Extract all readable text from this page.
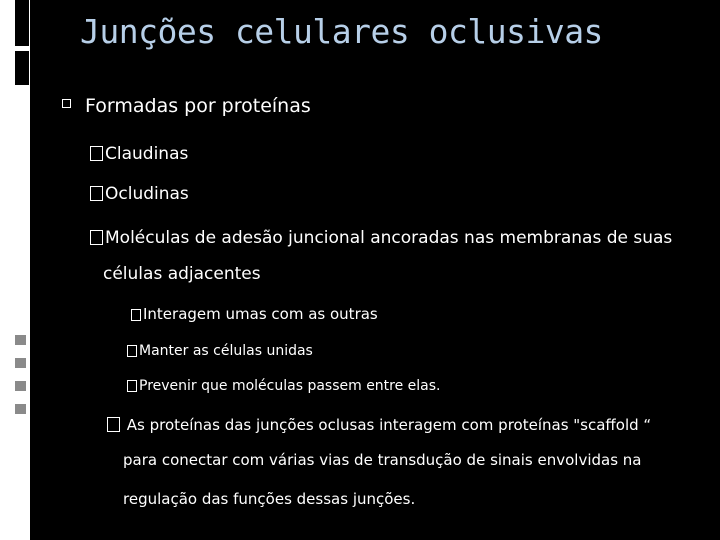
Junções celulares oclusivas
Formadas por proteínas
Claudinas
Ocludinas
Moléculas de adesão juncional ancoradas nas membranas de suas
células adjacentes
Interagem umas com as outras
Manter as células unidas
Prevenir que moléculas passem entre elas.
As proteínas das junções oclusas interagem com proteínas "scaffold “
para conectar com várias vias de transdução de sinais envolvidas na
regulação das funções dessas junções.
